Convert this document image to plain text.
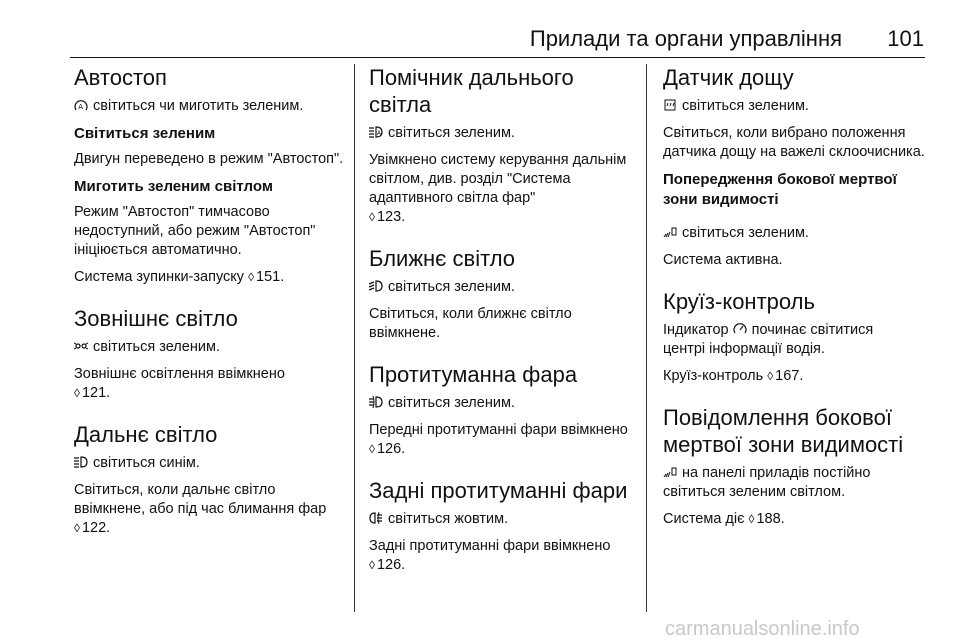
Прилади та органи управління 101
Автостоп

A світиться чи миготить зеленим.

Світиться зеленим

Двигун переведено в режим "Автостоп".

Миготить зеленим світлом

Режим "Автостоп" тимчасово недоступний, або режим "Автостоп" ініціюється автоматично.

Система зупинки-запуску ◊ 151.

Зовнішнє світло

світиться зеленим.

Зовнішнє освітлення ввімкнено
◊ 121.

Дальнє світло

світиться синім.

Світиться, коли дальнє світло ввімкнене, або під час блимання фар ◊ 122.

Помічник дальнього світла

A світиться зеленим.

Увімкнено систему керування дальнім світлом, див. розділ "Система адаптивного світла фар"
◊ 123.

Ближнє світло

світиться зеленим.

Світиться, коли ближнє світло ввімкнене.

Протитуманна фара

світиться зеленим.

Передні протитуманні фари ввімкнено ◊ 126.

Задні протитуманні фари

світиться жовтим.

Задні протитуманні фари ввімкнено ◊ 126.

Датчик дощу

світиться зеленим.

Світиться, коли вибрано положення датчика дощу на важелі склоочисника.

Попередження бокової мертвої зони видимості

світиться зеленим.

Система активна.

Круїз-контроль

Індикатор починає світитися
центрі інформації водія.

Круїз-контроль ◊ 167.

Повідомлення бокової мертвої зони видимості

на панелі приладів постійно світиться зеленим світлом.

Система діє ◊ 188.

carmanualsonline.info
